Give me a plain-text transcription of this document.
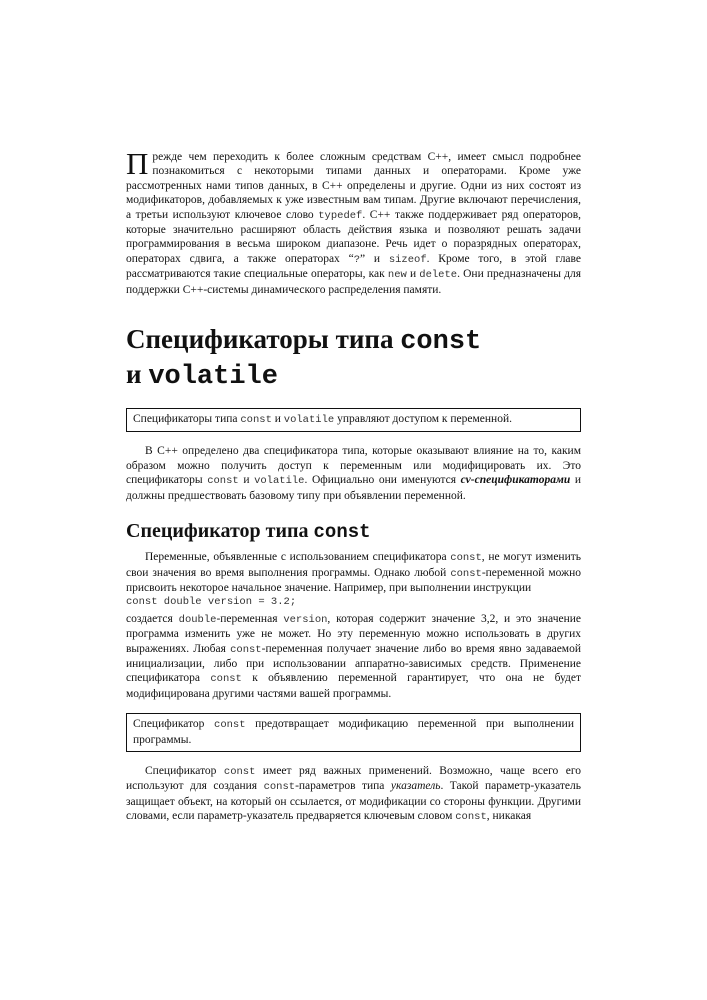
Прежде чем переходить к более сложным средствам С++, имеет смысл подробнее познакомиться с некоторыми типами данных и операторами. Кроме уже рассмотренных нами типов данных, в С++ определены и другие. Одни из них состоят из модификаторов, добавляемых к уже известным вам типам. Другие включают перечисления, а третьи используют ключевое слово typedef. С++ также поддерживает ряд операторов, которые значительно расширяют область действия языка и позволяют решать задачи программирования в весьма широком диапазоне. Речь идет о поразрядных операторах, операторах сдвига, а также операторах “?” и sizeof. Кроме того, в этой главе рассматриваются такие специальные операторы, как new и delete. Они предназначены для поддержки С++-системы динамического распределения памяти.

Спецификаторы типа const
и volatile
Спецификаторы типа const и volatile управляют доступом к переменной.

В С++ определено два спецификатора типа, которые оказывают влияние на то, каким образом можно получить доступ к переменным или модифицировать их. Это спецификаторы const и volatile. Официально они именуются cv-спецификаторами и должны предшествовать базовому типу при объявлении переменной.

Спецификатор типа const

Переменные, объявленные с использованием спецификатора const, не могут изменить свои значения во время выполнения программы. Однако любой const-переменной можно присвоить некоторое начальное значение. Например, при выполнении инструкции

const double version = 3.2;

создается double-переменная version, которая содержит значение 3,2, и это значение программа изменить уже не может. Но эту переменную можно использовать в других выражениях. Любая const-переменная получает значение либо во время явно задаваемой инициализации, либо при использовании аппаратно-зависимых средств. Применение спецификатора const к объявлению переменной гарантирует, что она не будет модифицирована другими частями вашей программы.

Спецификатор const предотвращает модификацию переменной при выполнении программы.

Спецификатор const имеет ряд важных применений. Возможно, чаще всего его используют для создания const-параметров типа указатель. Такой параметр-указатель защищает объект, на который он ссылается, от модификации со стороны функции. Другими словами, если параметр-указатель предваряется ключевым словом const, никакая
